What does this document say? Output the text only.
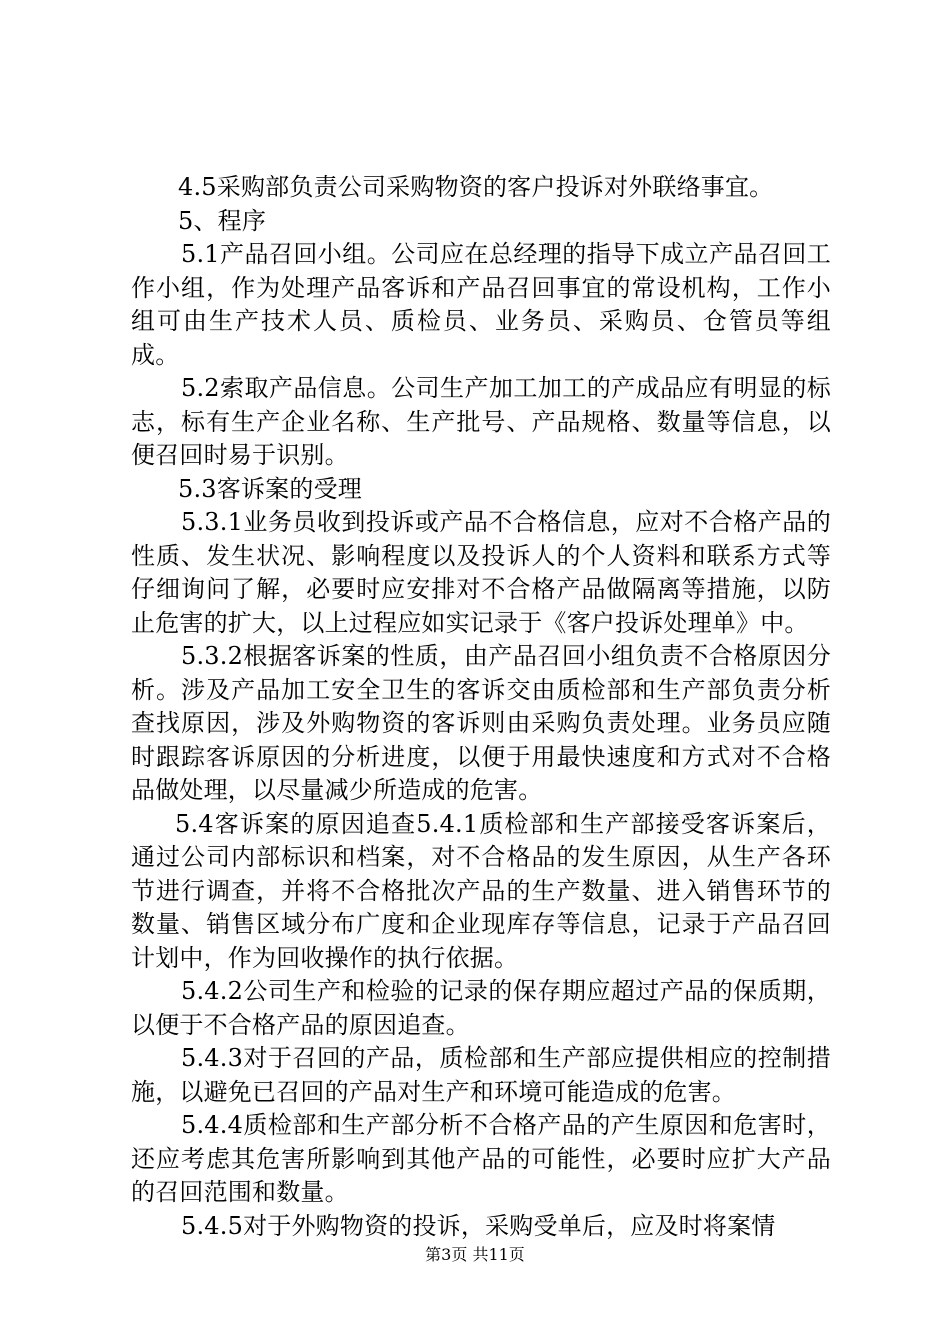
4.5采购部负责公司采购物资的客户投诉对外联络事宜。

5、程序

5.1产品召回小组。公司应在总经理的指导下成立产品召回工作小组，作为处理产品客诉和产品召回事宜的常设机构，工作小组可由生产技术人员、质检员、业务员、采购员、仓管员等组成。

5.2索取产品信息。公司生产加工加工的产成品应有明显的标志，标有生产企业名称、生产批号、产品规格、数量等信息，以便召回时易于识别。

5.3客诉案的受理

5.3.1业务员收到投诉或产品不合格信息，应对不合格产品的性质、发生状况、影响程度以及投诉人的个人资料和联系方式等仔细询问了解，必要时应安排对不合格产品做隔离等措施，以防止危害的扩大，以上过程应如实记录于《客户投诉处理单》中。

5.3.2根据客诉案的性质，由产品召回小组负责不合格原因分析。涉及产品加工安全卫生的客诉交由质检部和生产部负责分析查找原因，涉及外购物资的客诉则由采购负责处理。业务员应随时跟踪客诉原因的分析进度，以便于用最快速度和方式对不合格品做处理，以尽量减少所造成的危害。

5.4客诉案的原因追查5.4.1质检部和生产部接受客诉案后，通过公司内部标识和档案，对不合格品的发生原因，从生产各环节进行调查，并将不合格批次产品的生产数量、进入销售环节的数量、销售区域分布广度和企业现库存等信息，记录于产品召回计划中，作为回收操作的执行依据。

5.4.2公司生产和检验的记录的保存期应超过产品的保质期，以便于不合格产品的原因追查。

5.4.3对于召回的产品，质检部和生产部应提供相应的控制措施，以避免已召回的产品对生产和环境可能造成的危害。

5.4.4质检部和生产部分析不合格产品的产生原因和危害时，还应考虑其危害所影响到其他产品的可能性，必要时应扩大产品的召回范围和数量。

5.4.5对于外购物资的投诉，采购受单后，应及时将案情

第3页 共11页
